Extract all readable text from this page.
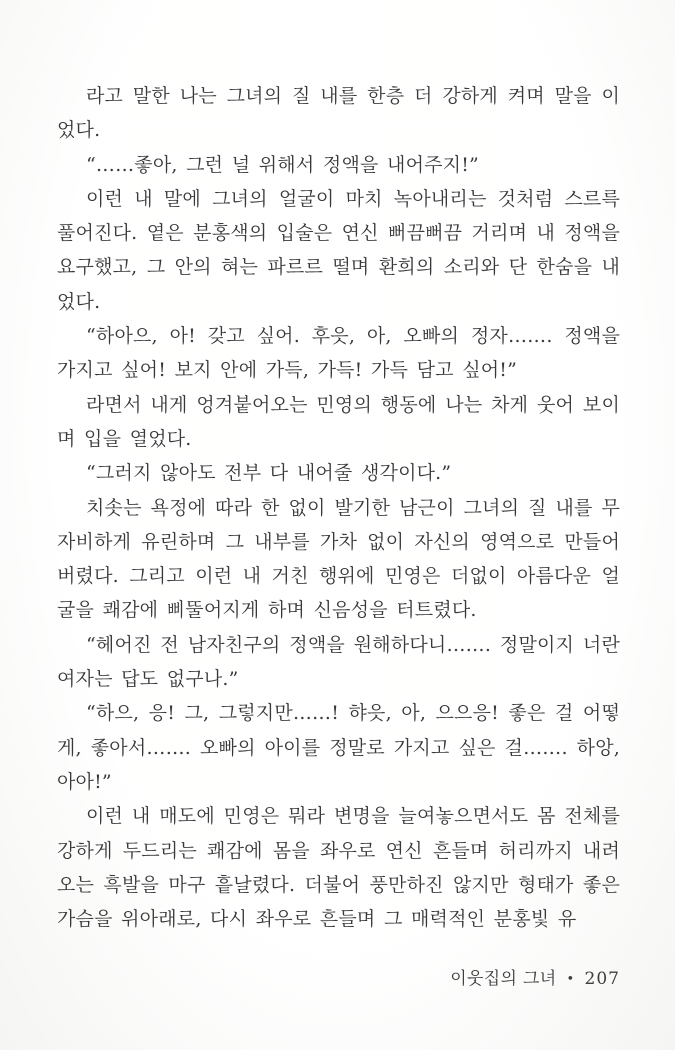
라고 말한 나는 그녀의 질 내를 한층 더 강하게 켜며 말을 이었다.

“……좋아, 그런 널 위해서 정액을 내어주지!”

이런 내 말에 그녀의 얼굴이 마치 녹아내리는 것처럼 스르륵 풀어진다. 옅은 분홍색의 입술은 연신 뻐끔뻐끔 거리며 내 정액을 요구했고, 그 안의 혀는 파르르 떨며 환희의 소리와 단 한숨을 내었다.

“하아으, 아! 갖고 싶어. 후읏, 아, 오빠의 정자……. 정액을 가지고 싶어! 보지 안에 가득, 가득! 가득 담고 싶어!”

라면서 내게 엉겨붙어오는 민영의 행동에 나는 차게 웃어 보이며 입을 열었다.

“그러지 않아도 전부 다 내어줄 생각이다.”

치솟는 욕정에 따라 한 없이 발기한 남근이 그녀의 질 내를 무자비하게 유린하며 그 내부를 가차 없이 자신의 영역으로 만들어버렸다. 그리고 이런 내 거친 행위에 민영은 더없이 아름다운 얼굴을 쾌감에 삐뚤어지게 하며 신음성을 터트렸다.

“헤어진 전 남자친구의 정액을 원해하다니……. 정말이지 너란 여자는 답도 없구나.”

“하으, 응! 그, 그렇지만……! 햐읏, 아, 으으응! 좋은 걸 어떻게, 좋아서……. 오빠의 아이를 정말로 가지고 싶은 걸……. 하앙, 아아!”

이런 내 매도에 민영은 뭐라 변명을 늘여놓으면서도 몸 전체를 강하게 두드리는 쾌감에 몸을 좌우로 연신 흔들며 허리까지 내려오는 흑발을 마구 흩날렸다. 더불어 풍만하진 않지만 형태가 좋은 가슴을 위아래로, 다시 좌우로 흔들며 그 매력적인 분홍빛 유

이웃집의 그녀 • 207
